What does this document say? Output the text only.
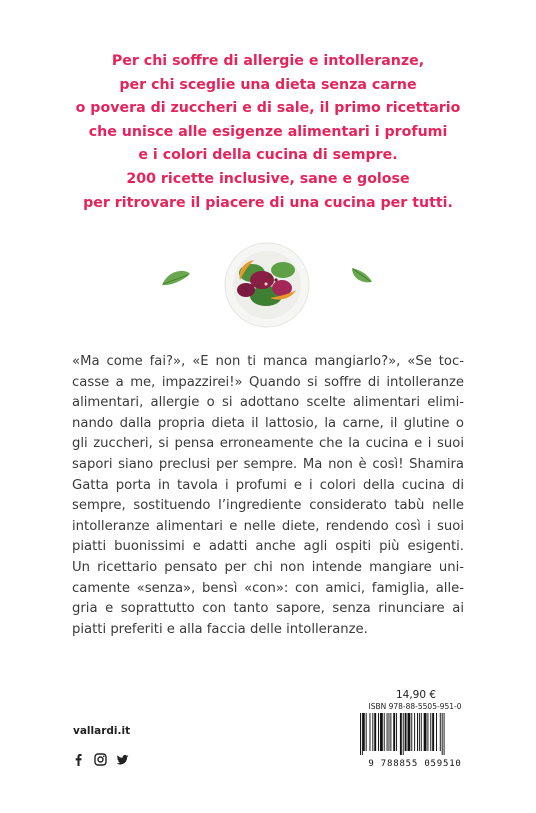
Per chi soffre di allergie e intolleranze,
per chi sceglie una dieta senza carne
o povera di zuccheri e di sale, il primo ricettario
che unisce alle esigenze alimentari i profumi
e i colori della cucina di sempre.
200 ricette inclusive, sane e golose
per ritrovare il piacere di una cucina per tutti.
«Ma come fai?», «E non ti manca mangiarlo?», «Se toc-
casse a me, impazzirei!» Quando si soffre di intolleranze
alimentari, allergie o si adottano scelte alimentari elimi-
nando dalla propria dieta il lattosio, la carne, il glutine o
gli zuccheri, si pensa erroneamente che la cucina e i suoi
sapori siano preclusi per sempre. Ma non è così! Shamira
Gatta porta in tavola i profumi e i colori della cucina di
sempre, sostituendo l’ingrediente considerato tabù nelle
intolleranze alimentari e nelle diete, rendendo così i suoi
piatti buonissimi e adatti anche agli ospiti più esigenti.
Un ricettario pensato per chi non intende mangiare uni-
camente «senza», bensì «con»: con amici, famiglia, alle-
gria e soprattutto con tanto sapore, senza rinunciare ai
piatti preferiti e alla faccia delle intolleranze.
14,90 €
ISBN 978-88-5505-951-0
9 788855 059510
vallardi.it
